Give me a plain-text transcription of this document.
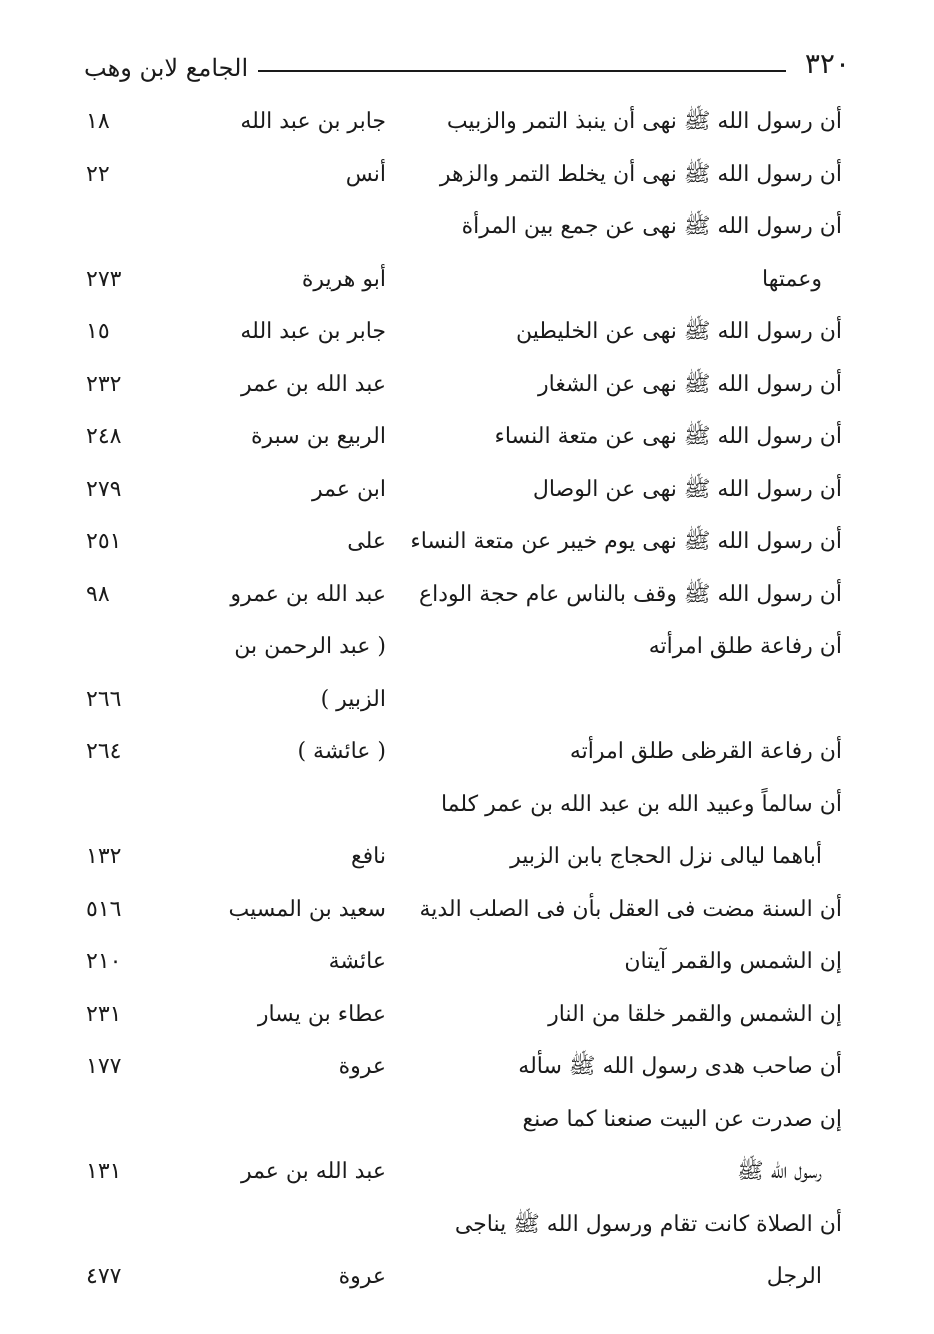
٣٢٠
الجامع لابن وهب
أن رسول الله ﷺ نهى أن ينبذ التمر والزبيب
جابر بن عبد الله
١٨
أن رسول الله ﷺ نهى أن يخلط التمر والزهر
أنس
٢٢
أن رسول الله ﷺ نهى عن جمع بين المرأة
وعمتها
أبو هريرة
٢٧٣
أن رسول الله ﷺ نهى عن الخليطين
جابر بن عبد الله
١٥
أن رسول الله ﷺ نهى عن الشغار
عبد الله بن عمر
٢٣٢
أن رسول الله ﷺ نهى عن متعة النساء
الربيع بن سبرة
٢٤٨
أن رسول الله ﷺ نهى عن الوصال
ابن عمر
٢٧٩
أن رسول الله ﷺ نهى يوم خيبر عن متعة النساء
على
٢٥١
أن رسول الله ﷺ وقف بالناس عام حجة الوداع
عبد الله بن عمرو
٩٨
أن رفاعة طلق امرأته
( عبد الرحمن بن
الزبير )
٢٦٦
أن رفاعة القرظى طلق امرأته
( عائشة )
٢٦٤
أن سالماً وعبيد الله بن عبد الله بن عمر كلما
أباهما ليالى نزل الحجاج بابن الزبير
نافع
١٣٢
أن السنة مضت فى العقل بأن فى الصلب الدية
سعيد بن المسيب
٥١٦
إن الشمس والقمر آيتان
عائشة
٢١٠
إن الشمس والقمر خلقا من النار
عطاء بن يسار
٢٣١
أن صاحب هدى رسول الله ﷺ سأله
عروة
١٧٧
إن صدرت عن البيت صنعنا كما صنع
رسول الله ﷺ
عبد الله بن عمر
١٣١
أن الصلاة كانت تقام ورسول الله ﷺ يناجى
الرجل
عروة
٤٧٧
